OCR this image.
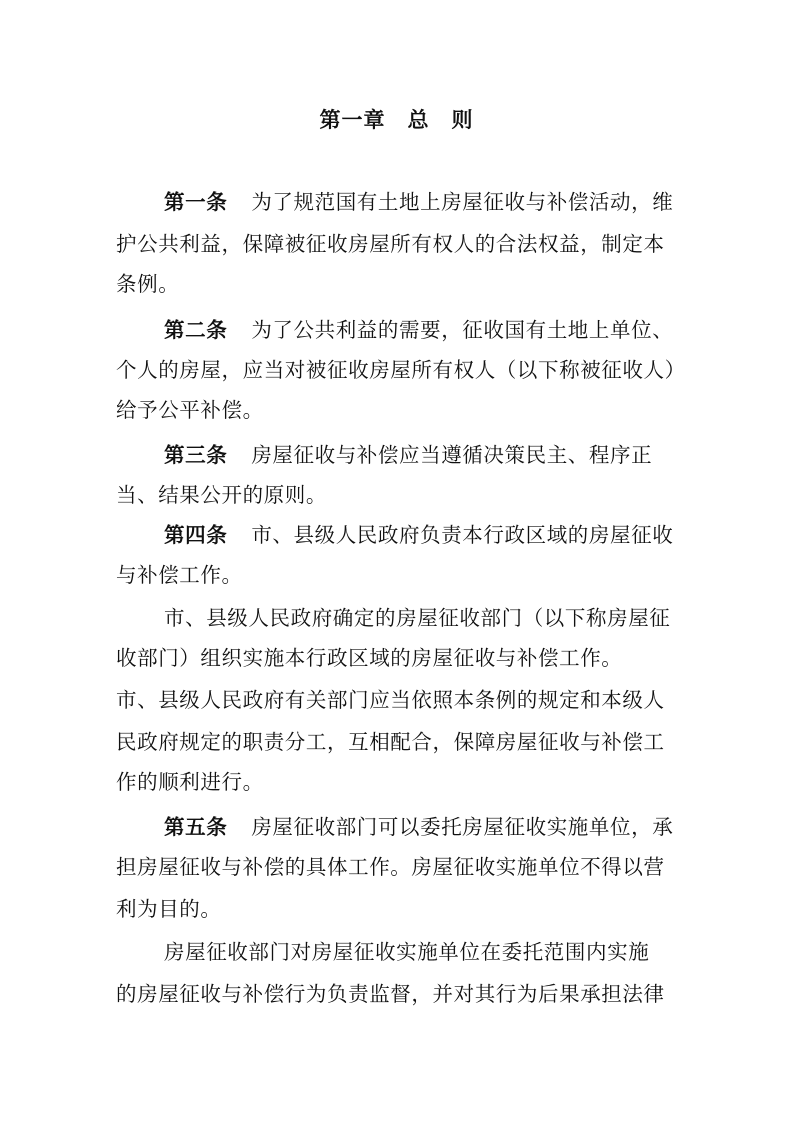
第一章　总　则
第一条 为了规范国有土地上房屋征收与补偿活动，维
护公共利益，保障被征收房屋所有权人的合法权益，制定本
条例。
第二条 为了公共利益的需要，征收国有土地上单位、
个人的房屋，应当对被征收房屋所有权人（以下称被征收人）
给予公平补偿。
第三条 房屋征收与补偿应当遵循决策民主、程序正
当、结果公开的原则。
第四条 市、县级人民政府负责本行政区域的房屋征收
与补偿工作。
市、县级人民政府确定的房屋征收部门（以下称房屋征
收部门）组织实施本行政区域的房屋征收与补偿工作。
市、县级人民政府有关部门应当依照本条例的规定和本级人
民政府规定的职责分工，互相配合，保障房屋征收与补偿工
作的顺利进行。
第五条 房屋征收部门可以委托房屋征收实施单位，承
担房屋征收与补偿的具体工作。房屋征收实施单位不得以营
利为目的。
房屋征收部门对房屋征收实施单位在委托范围内实施
的房屋征收与补偿行为负责监督，并对其行为后果承担法律
